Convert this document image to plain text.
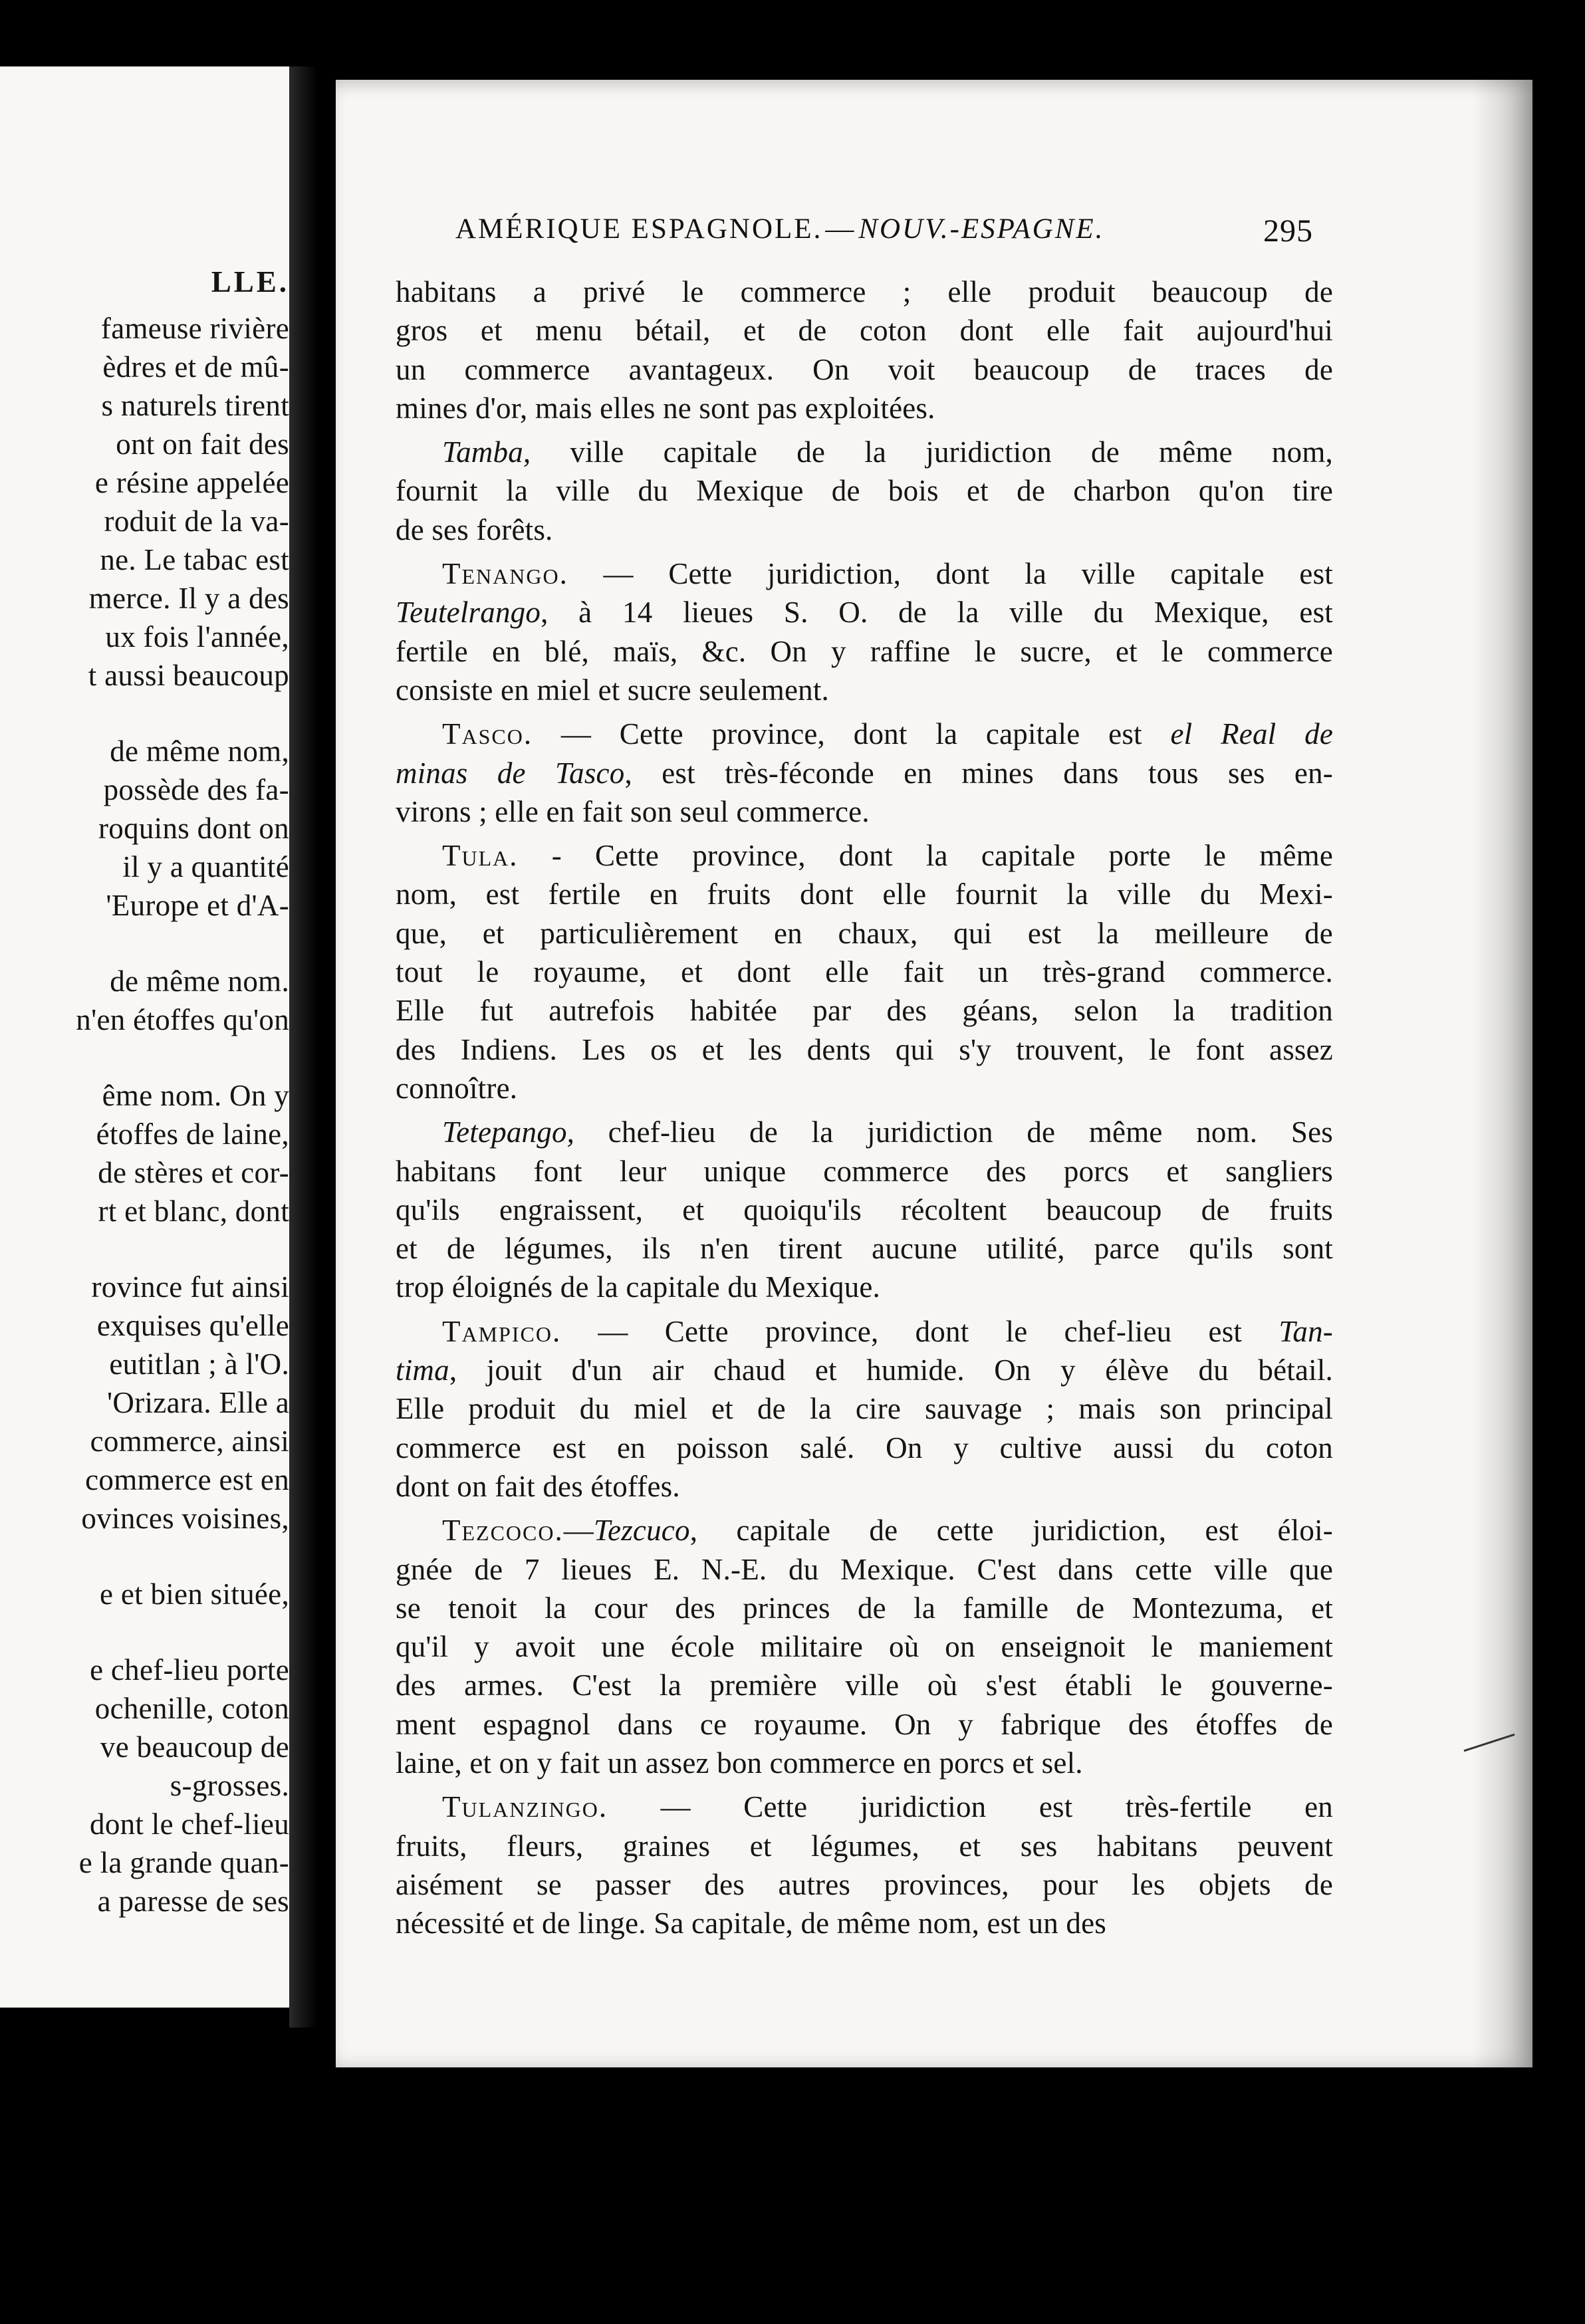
LLE.
fameuse rivière
èdres et de mû-
s naturels tirent
ont on fait des
e résine appelée
roduit de la va-
ne. Le tabac est
merce. Il y a des
ux fois l'année,
t aussi beaucoup
de même nom,
possède des fa-
roquins dont on
il y a quantité
'Europe et d'A-
de même nom.
n'en étoffes qu'on
ême nom. On y
étoffes de laine,
de stères et cor-
rt et blanc, dont
rovince fut ainsi
exquises qu'elle
eutitlan ; à l'O.
'Orizara. Elle a
commerce, ainsi
commerce est en
ovinces voisines,
e et bien située,
e chef-lieu porte
ochenille, coton
ve beaucoup de
s-grosses.
dont le chef-lieu
e la grande quan-
a paresse de ses
AMÉRIQUE ESPAGNOLE.—NOUV.-ESPAGNE.	295
habitans a privé le commerce ; elle produit beaucoup de
gros et menu bétail, et de coton dont elle fait aujourd'hui
un commerce avantageux. On voit beaucoup de traces de
mines d'or, mais elles ne sont pas exploitées.
Tamba, ville capitale de la juridiction de même nom,
fournit la ville du Mexique de bois et de charbon qu'on tire
de ses forêts.
Tenango. — Cette juridiction, dont la ville capitale est
Teutelrango, à 14 lieues S. O. de la ville du Mexique, est
fertile en blé, maïs, &c. On y raffine le sucre, et le commerce
consiste en miel et sucre seulement.
Tasco. — Cette province, dont la capitale est el Real de
minas de Tasco, est très-féconde en mines dans tous ses en-
virons ; elle en fait son seul commerce.
Tula. - Cette province, dont la capitale porte le même
nom, est fertile en fruits dont elle fournit la ville du Mexi-
que, et particulièrement en chaux, qui est la meilleure de
tout le royaume, et dont elle fait un très-grand commerce.
Elle fut autrefois habitée par des géans, selon la tradition
des Indiens. Les os et les dents qui s'y trouvent, le font assez
connoître.
Tetepango, chef-lieu de la juridiction de même nom. Ses
habitans font leur unique commerce des porcs et sangliers
qu'ils engraissent, et quoiqu'ils récoltent beaucoup de fruits
et de légumes, ils n'en tirent aucune utilité, parce qu'ils sont
trop éloignés de la capitale du Mexique.
Tampico. — Cette province, dont le chef-lieu est Tan-
tima, jouit d'un air chaud et humide. On y élève du bétail.
Elle produit du miel et de la cire sauvage ; mais son principal
commerce est en poisson salé. On y cultive aussi du coton
dont on fait des étoffes.
Tezcoco.—Tezcuco, capitale de cette juridiction, est éloi-
gnée de 7 lieues E. N.-E. du Mexique. C'est dans cette ville que
se tenoit la cour des princes de la famille de Montezuma, et
qu'il y avoit une école militaire où on enseignoit le maniement
des armes. C'est la première ville où s'est établi le gouverne-
ment espagnol dans ce royaume. On y fabrique des étoffes de
laine, et on y fait un assez bon commerce en porcs et sel.
Tulanzingo. — Cette juridiction est très-fertile en
fruits, fleurs, graines et légumes, et ses habitans peuvent
aisément se passer des autres provinces, pour les objets de
nécessité et de linge. Sa capitale, de même nom, est un des
